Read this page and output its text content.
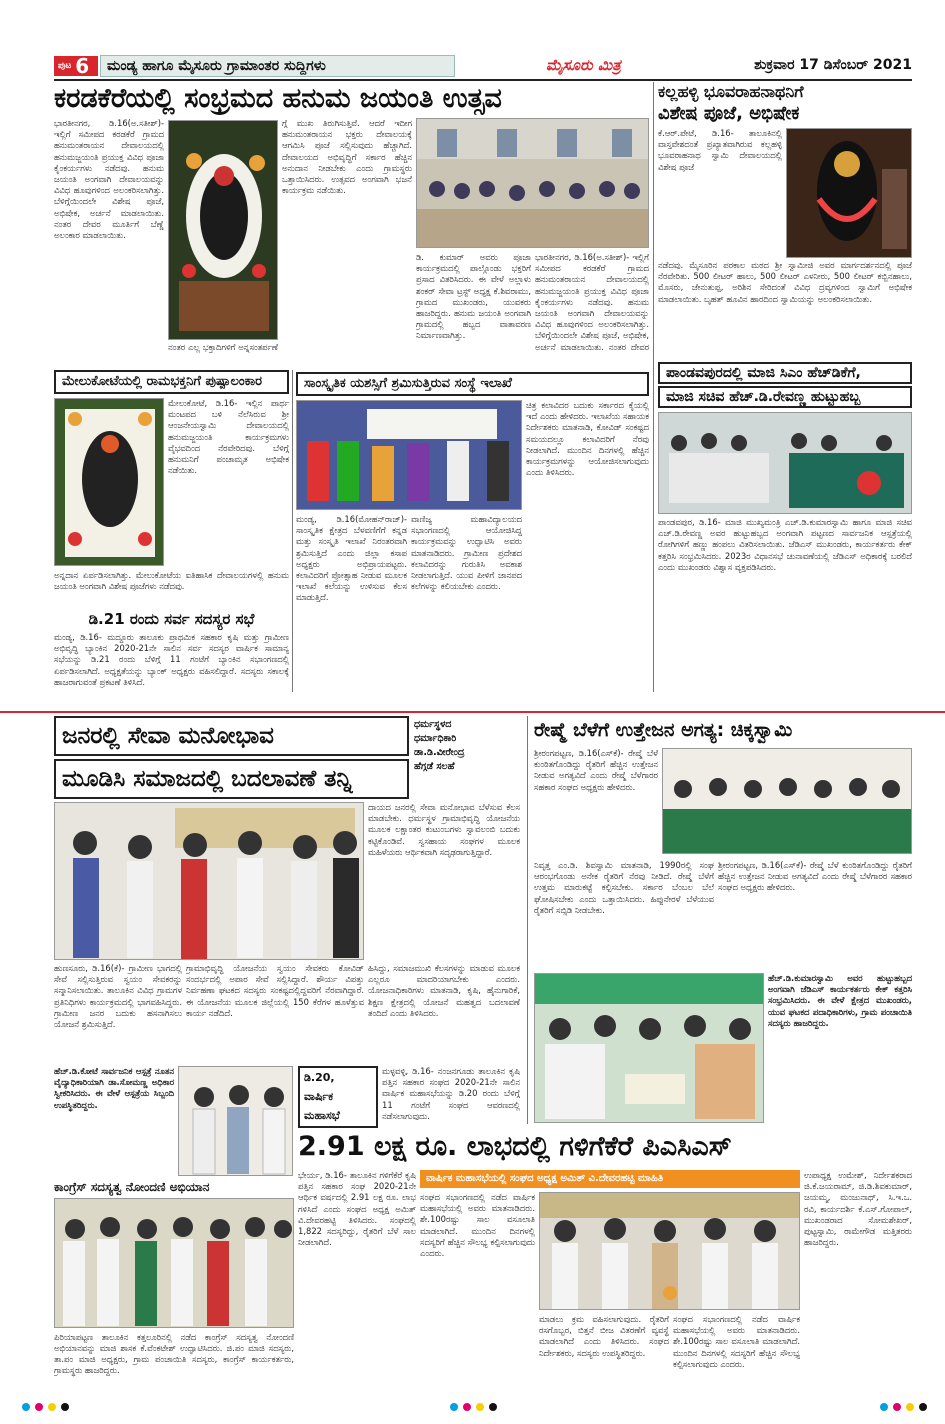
ಪುಟ 6	ಮಂಡ್ಯ ಹಾಗೂ ಮೈಸೂರು ಗ್ರಾಮಾಂತರ ಸುದ್ದಿಗಳು	ಮೈಸೂರು ಮಿತ್ರ	ಶುಕ್ರವಾರ 17 ಡಿಸೆಂಬರ್ 2021
ಕರಡಕೆರೆಯಲ್ಲಿ ಸಂಭ್ರಮದ ಹನುಮ ಜಯಂತಿ ಉತ್ಸವ
ಭಾರತೀನಗರ, ಡಿ.16(ಅ.ಸತೀಶ್)- ಇಲ್ಲಿಗೆ ಸಮೀಪದ ಕರಡಕೆರೆ ಗ್ರಾಮದ ಹನುಮಂತರಾಯನ ದೇವಾಲಯದಲ್ಲಿ ಹನುಮಜ್ಜಯಂತಿ ಪ್ರಯುಕ್ತ ವಿವಿಧ ಪೂಜಾ ಕೈಂಕರ್ಯಗಳು ನಡೆದವು. ಹನುಮ ಜಯಂತಿ ಅಂಗವಾಗಿ ದೇವಾಲಯವನ್ನು ವಿವಿಧ ಹೂವುಗಳಿಂದ ಅಲಂಕರಿಸಲಾಗಿತ್ತು. ಬೆಳಿಗ್ಗೆಯಿಂದಲೇ ವಿಶೇಷ ಪೂಜೆ, ಅಭಿಷೇಕ, ಅರ್ಚನೆ ಮಾಡಲಾಯಿತು. ನಂತರ ದೇವರ ಮೂರ್ತಿಗೆ ಬೆಣ್ಣೆ ಅಲಂಕಾರ ಮಾಡಲಾಯಿತು.
ನಂತರ ಎಲ್ಲ ಭಕ್ತಾದಿಗಳಿಗೆ ಅನ್ನಸಂತರ್ಪಣೆ
ಗ್ಗೆ ಮುಖ ತಿರುಗಿಸುತ್ತಿವೆ. ಆದರೆ ಇದೀಗ ಹನುಮಂತರಾಯನ ಭಕ್ತರು ದೇವಾಲಯಕ್ಕೆ ಆಗಮಿಸಿ ಪೂಜೆ ಸಲ್ಲಿಸುವುದು ಹೆಚ್ಚಾಗಿದೆ. ದೇವಾಲಯದ ಅಭಿವೃದ್ಧಿಗೆ ಸರ್ಕಾರ ಹೆಚ್ಚಿನ ಅನುದಾನ ನೀಡಬೇಕು ಎಂದು ಗ್ರಾಮಸ್ಥರು ಒತ್ತಾಯಿಸಿದರು. ಉತ್ಸವದ ಅಂಗವಾಗಿ ಭಜನೆ ಕಾರ್ಯಕ್ರಮ ನಡೆಯಿತು.
ಡಿ. ಕುಮಾರ್ ಅವರು ಪೂಜಾ ಕಾರ್ಯಕ್ರಮದಲ್ಲಿ ಪಾಲ್ಗೊಂಡು ಭಕ್ತರಿಗೆ ಪ್ರಸಾದ ವಿತರಿಸಿದರು. ಈ ವೇಳೆ ಅಲ್ಲಾಳು ಶಂಕರ್ ಸೇವಾ ಟ್ರಸ್ಟ್ ಅಧ್ಯಕ್ಷ ಕೆ.ಶಿವರಾಮು, ಗ್ರಾಮದ ಮುಖಂಡರು, ಯುವಕರು ಹಾಜರಿದ್ದರು. ಹನುಮ ಜಯಂತಿ ಅಂಗವಾಗಿ ಗ್ರಾಮದಲ್ಲಿ ಹಬ್ಬದ ವಾತಾವರಣ ನಿರ್ಮಾಣವಾಗಿತ್ತು.
ಭಾರತೀನಗರ, ಡಿ.16(ಅ.ಸತೀಶ್)- ಇಲ್ಲಿಗೆ ಸಮೀಪದ ಕರಡಕೆರೆ ಗ್ರಾಮದ ಹನುಮಂತರಾಯನ ದೇವಾಲಯದಲ್ಲಿ ಹನುಮಜ್ಜಯಂತಿ ಪ್ರಯುಕ್ತ ವಿವಿಧ ಪೂಜಾ ಕೈಂಕರ್ಯಗಳು ನಡೆದವು. ಹನುಮ ಜಯಂತಿ ಅಂಗವಾಗಿ ದೇವಾಲಯವನ್ನು ವಿವಿಧ ಹೂವುಗಳಿಂದ ಅಲಂಕರಿಸಲಾಗಿತ್ತು. ಬೆಳಿಗ್ಗೆಯಿಂದಲೇ ವಿಶೇಷ ಪೂಜೆ, ಅಭಿಷೇಕ, ಅರ್ಚನೆ ಮಾಡಲಾಯಿತು. ನಂತರ ದೇವರ
ಕಲ್ಲಹಳ್ಳಿ ಭೂವರಾಹನಾಥನಿಗೆ
ವಿಶೇಷ ಪೂಜೆ, ಅಭಿಷೇಕ
ಕೆ.ಆರ್.ಪೇಟೆ, ಡಿ.16- ತಾಲೂಕಿನಲ್ಲಿ ವಾಸ್ತವೇಶದಂತೆ ಪ್ರಖ್ಯಾತವಾಗಿರುವ ಕಲ್ಲಹಳ್ಳಿ ಭೂವರಾಹನಾಥ ಸ್ವಾಮಿ ದೇವಾಲಯದಲ್ಲಿ ವಿಶೇಷ ಪೂಜೆ
ನಡೆದವು. ಮೈಸೂರಿನ ಪರಕಾಲ ಮಠದ ಶ್ರೀ ಸ್ವಾಮೀಜಿ ಅವರ ಮಾರ್ಗದರ್ಶನದಲ್ಲಿ ಪೂಜೆ ನೆರವೇರಿತು. 500 ಲೀಟರ್ ಹಾಲು, 500 ಲೀಟರ್ ಎಳನೀರು, 500 ಲೀಟರ್ ಕಬ್ಬಿನಹಾಲು, ಮೊಸರು, ಜೇನುತುಪ್ಪ, ಅರಿಶಿನ ಸೇರಿದಂತೆ ವಿವಿಧ ದ್ರವ್ಯಗಳಿಂದ ಸ್ವಾಮಿಗೆ ಅಭಿಷೇಕ ಮಾಡಲಾಯಿತು. ಬೃಹತ್ ಹೂವಿನ ಹಾರದಿಂದ ಸ್ವಾಮಿಯನ್ನು ಅಲಂಕರಿಸಲಾಯಿತು.
ಪಾಂಡವಪುರದಲ್ಲಿ ಮಾಜಿ ಸಿಎಂ ಹೆಚ್‌ಡಿಕೆಗೆ,
ಮಾಜಿ ಸಚಿವ ಹೆಚ್.ಡಿ.ರೇವಣ್ಣ ಹುಟ್ಟುಹಬ್ಬ
ಪಾಂಡವಪುರ, ಡಿ.16- ಮಾಜಿ ಮುಖ್ಯಮಂತ್ರಿ ಎಚ್.ಡಿ.ಕುಮಾರಸ್ವಾಮಿ ಹಾಗೂ ಮಾಜಿ ಸಚಿವ ಎಚ್.ಡಿ.ರೇವಣ್ಣ ಅವರ ಹುಟ್ಟುಹಬ್ಬದ ಅಂಗವಾಗಿ ಪಟ್ಟಣದ ಸಾರ್ವಜನಿಕ ಆಸ್ಪತ್ರೆಯಲ್ಲಿ ರೋಗಿಗಳಿಗೆ ಹಣ್ಣು ಹಂಪಲು ವಿತರಿಸಲಾಯಿತು. ಜೆಡಿಎಸ್ ಮುಖಂಡರು, ಕಾರ್ಯಕರ್ತರು ಕೇಕ್ ಕತ್ತರಿಸಿ ಸಂಭ್ರಮಿಸಿದರು. 2023ರ ವಿಧಾನಸಭೆ ಚುನಾವಣೆಯಲ್ಲಿ ಜೆಡಿಎಸ್ ಅಧಿಕಾರಕ್ಕೆ ಬರಲಿದೆ ಎಂದು ಮುಖಂಡರು ವಿಶ್ವಾಸ ವ್ಯಕ್ತಪಡಿಸಿದರು.
ಮೇಲುಕೋಟೆಯಲ್ಲಿ ರಾಮಭಕ್ತನಿಗೆ ಪುಷ್ಪಾಲಂಕಾರ
ಮೇಲುಕೋಟೆ, ಡಿ.16- ಇಲ್ಲಿನ ಪಾರ್ಥ ಮಂಟಪದ ಬಳಿ ನೆಲೆಸಿರುವ ಶ್ರೀ ಆಂಜನೇಯಸ್ವಾಮಿ ದೇವಾಲಯದಲ್ಲಿ ಹನುಮಜ್ಜಯಂತಿ ಕಾರ್ಯಕ್ರಮಗಳು ವೈಭವದಿಂದ ನೆರವೇರಿದವು. ಬೆಳಿಗ್ಗೆ ಹನುಮನಿಗೆ ಪಂಚಾಮೃತ ಅಭಿಷೇಕ ನಡೆಯಿತು.
ಅನ್ನದಾನ ಏರ್ಪಡಿಸಲಾಗಿತ್ತು. ಮೇಲುಕೋಟೆಯ ಐತಿಹಾಸಿಕ ದೇವಾಲಯಗಳಲ್ಲಿ ಹನುಮ ಜಯಂತಿ ಅಂಗವಾಗಿ ವಿಶೇಷ ಪೂಜೆಗಳು ನಡೆದವು.
ಡಿ.21 ರಂದು ಸರ್ವ ಸದಸ್ಯರ ಸಭೆ
ಮಂಡ್ಯ, ಡಿ.16- ಮದ್ದೂರು ತಾಲೂಕು ಪ್ರಾಥಮಿಕ ಸಹಕಾರ ಕೃಷಿ ಮತ್ತು ಗ್ರಾಮೀಣ ಅಭಿವೃದ್ಧಿ ಬ್ಯಾಂಕಿನ 2020-21ನೇ ಸಾಲಿನ ಸರ್ವ ಸದಸ್ಯರ ವಾರ್ಷಿಕ ಸಾಮಾನ್ಯ ಸಭೆಯನ್ನು ಡಿ.21 ರಂದು ಬೆಳಿಗ್ಗೆ 11 ಗಂಟೆಗೆ ಬ್ಯಾಂಕಿನ ಸಭಾಂಗಣದಲ್ಲಿ ಏರ್ಪಡಿಸಲಾಗಿದೆ. ಅಧ್ಯಕ್ಷತೆಯನ್ನು ಬ್ಯಾಂಕ್ ಅಧ್ಯಕ್ಷರು ವಹಿಸಲಿದ್ದಾರೆ. ಸದಸ್ಯರು ಸಕಾಲಕ್ಕೆ ಹಾಜರಾಗುವಂತೆ ಪ್ರಕಟಣೆ ತಿಳಿಸಿದೆ.
ಸಾಂಸ್ಕೃತಿಕ ಯಶಸ್ಸಿಗೆ ಶ್ರಮಿಸುತ್ತಿರುವ ಸಂಸ್ಥೆ ಇಲಾಖೆ
ಚಿತ್ರ ಕಲಾವಿದರ ಬದುಕು ಸರ್ಕಾರದ ಕೈಯಲ್ಲಿ ಇದೆ ಎಂದು ಹೇಳಿದರು. ಇಲಾಖೆಯ ಸಹಾಯಕ ನಿರ್ದೇಶಕರು ಮಾತನಾಡಿ, ಕೋವಿಡ್ ಸಂಕಷ್ಟದ ಸಮಯದಲ್ಲೂ ಕಲಾವಿದರಿಗೆ ನೆರವು ನೀಡಲಾಗಿದೆ. ಮುಂದಿನ ದಿನಗಳಲ್ಲಿ ಹೆಚ್ಚಿನ ಕಾರ್ಯಕ್ರಮಗಳನ್ನು ಆಯೋಜಿಸಲಾಗುವುದು ಎಂದು ತಿಳಿಸಿದರು.
ಮಂಡ್ಯ, ಡಿ.16(ಮೋಹನ್‌ರಾಜ್)- ಸಾಂಸ್ಕೃತಿಕ ಕ್ಷೇತ್ರದ ಬೆಳವಣಿಗೆಗೆ ಕನ್ನಡ ಮತ್ತು ಸಂಸ್ಕೃತಿ ಇಲಾಖೆ ನಿರಂತರವಾಗಿ ಶ್ರಮಿಸುತ್ತಿದೆ ಎಂದು ಜಿಲ್ಲಾ ಕಸಾಪ ಅಧ್ಯಕ್ಷರು ಅಭಿಪ್ರಾಯಪಟ್ಟರು. ಕಲಾವಿದರಿಗೆ ಪ್ರೋತ್ಸಾಹ ನೀಡುವ ಮೂಲಕ ಇಲಾಖೆ ಕಲೆಯನ್ನು ಉಳಿಸುವ ಕೆಲಸ ಮಾಡುತ್ತಿದೆ.
ವಾಣಿಜ್ಯ ಮಹಾವಿದ್ಯಾಲಯದ ಸಭಾಂಗಣದಲ್ಲಿ ಆಯೋಜಿಸಿದ್ದ ಕಾರ್ಯಕ್ರಮವನ್ನು ಉದ್ಘಾಟಿಸಿ ಅವರು ಮಾತನಾಡಿದರು. ಗ್ರಾಮೀಣ ಪ್ರದೇಶದ ಕಲಾವಿದರನ್ನು ಗುರುತಿಸಿ ಅವಕಾಶ ನೀಡಲಾಗುತ್ತಿದೆ. ಯುವ ಪೀಳಿಗೆ ಜಾನಪದ ಕಲೆಗಳನ್ನು ಕಲಿಯಬೇಕು ಎಂದರು.
ಜನರಲ್ಲಿ ಸೇವಾ ಮನೋಭಾವ
ಮೂಡಿಸಿ ಸಮಾಜದಲ್ಲಿ ಬದಲಾವಣೆ ತನ್ನಿ
ಧರ್ಮಸ್ಥಳದ
ಧರ್ಮಾಧಿಕಾರಿ
ಡಾ.ಡಿ.ವೀರೇಂದ್ರ
ಹೆಗ್ಗಡೆ ಸಲಹೆ
ದಾಯದ ಜನರಲ್ಲಿ ಸೇವಾ ಮನೋಭಾವ ಬೆಳೆಸುವ ಕೆಲಸ ಮಾಡಬೇಕು. ಧರ್ಮಸ್ಥಳ ಗ್ರಾಮಾಭಿವೃದ್ಧಿ ಯೋಜನೆಯ ಮೂಲಕ ಲಕ್ಷಾಂತರ ಕುಟುಂಬಗಳು ಸ್ವಾವಲಂಬಿ ಬದುಕು ಕಟ್ಟಿಕೊಂಡಿವೆ. ಸ್ವಸಹಾಯ ಸಂಘಗಳ ಮೂಲಕ ಮಹಿಳೆಯರು ಆರ್ಥಿಕವಾಗಿ ಸದೃಢರಾಗುತ್ತಿದ್ದಾರೆ.
ಹುಣಸೂರು, ಡಿ.16(ಕೆ)- ಗ್ರಾಮೀಣ ಭಾಗದಲ್ಲಿ ಸೇವೆ ಸಲ್ಲಿಸುತ್ತಿರುವ ಸ್ವಯಂ ಸೇವಕರನ್ನು ಸನ್ಮಾನಿಸಲಾಯಿತು. ತಾಲೂಕಿನ ವಿವಿಧ ಗ್ರಾಮಗಳ ಪ್ರತಿನಿಧಿಗಳು ಕಾರ್ಯಕ್ರಮದಲ್ಲಿ ಭಾಗವಹಿಸಿದ್ದರು. ಗ್ರಾಮೀಣ ಜನರ ಬದುಕು ಹಸನಾಗಿಸಲು ಯೋಜನೆ ಶ್ರಮಿಸುತ್ತಿದೆ.
ಗ್ರಾಮಾಭಿವೃದ್ಧಿ ಯೋಜನೆಯ ಸ್ವಯಂ ಸೇವಕರು ಕೋವಿಡ್ ಸಂದರ್ಭದಲ್ಲಿ ಅಪಾರ ಸೇವೆ ಸಲ್ಲಿಸಿದ್ದಾರೆ. ಶೌರ್ಯ ವಿಪತ್ತು ನಿರ್ವಹಣಾ ಘಟಕದ ಸದಸ್ಯರು ಸಂಕಷ್ಟದಲ್ಲಿದ್ದವರಿಗೆ ನೆರವಾಗಿದ್ದಾರೆ. ಈ ಯೋಜನೆಯ ಮೂಲಕ ಜಿಲ್ಲೆಯಲ್ಲಿ 150 ಕೆರೆಗಳ ಹೂಳೆತ್ತುವ ಕಾರ್ಯ ನಡೆದಿದೆ.
ಹಿಸಿದ್ದು, ಸಮಾಜಮುಖಿ ಕೆಲಸಗಳನ್ನು ಮಾಡುವ ಮೂಲಕ ಎಲ್ಲರೂ ಮಾದರಿಯಾಗಬೇಕು ಎಂದರು. ಯೋಜನಾಧಿಕಾರಿಗಳು ಮಾತನಾಡಿ, ಕೃಷಿ, ಹೈನುಗಾರಿಕೆ, ಶಿಕ್ಷಣ ಕ್ಷೇತ್ರದಲ್ಲಿ ಯೋಜನೆ ಮಹತ್ವದ ಬದಲಾವಣೆ ತಂದಿದೆ ಎಂದು ತಿಳಿಸಿದರು.
ರೇಷ್ಮೆ ಬೆಳೆಗೆ ಉತ್ತೇಜನ ಅಗತ್ಯ: ಚಿಕ್ಕಸ್ವಾಮಿ
ಶ್ರೀರಂಗಪಟ್ಟಣ, ಡಿ.16(ಎಸ್‌ಕೆ)- ರೇಷ್ಮೆ ಬೆಳೆ ಕುಂಠಿತಗೊಂಡಿದ್ದು ರೈತರಿಗೆ ಹೆಚ್ಚಿನ ಉತ್ತೇಜನ ನೀಡುವ ಅಗತ್ಯವಿದೆ ಎಂದು ರೇಷ್ಮೆ ಬೆಳೆಗಾರರ ಸಹಕಾರ ಸಂಘದ ಅಧ್ಯಕ್ಷರು ಹೇಳಿದರು.
ನಿವೃತ್ತ ಎಂ.ಡಿ. ಶಿವಸ್ವಾಮಿ ಮಾತನಾಡಿ, 1990ರಲ್ಲಿ ಸಂಘ ಆರಂಭಗೊಂಡು ಅನೇಕ ರೈತರಿಗೆ ನೆರವು ನೀಡಿದೆ. ರೇಷ್ಮೆ ಬೆಳೆಗೆ ಉತ್ತಮ ಮಾರುಕಟ್ಟೆ ಕಲ್ಪಿಸಬೇಕು. ಸರ್ಕಾರ ಬೆಂಬಲ ಬೆಲೆ ಘೋಷಿಸಬೇಕು ಎಂದು ಒತ್ತಾಯಿಸಿದರು. ಹಿಪ್ಪುನೇರಳೆ ಬೆಳೆಯುವ ರೈತರಿಗೆ ಸಬ್ಸಿಡಿ ನೀಡಬೇಕು.
ಶ್ರೀರಂಗಪಟ್ಟಣ, ಡಿ.16(ಎಸ್‌ಕೆ)- ರೇಷ್ಮೆ ಬೆಳೆ ಕುಂಠಿತಗೊಂಡಿದ್ದು ರೈತರಿಗೆ ಹೆಚ್ಚಿನ ಉತ್ತೇಜನ ನೀಡುವ ಅಗತ್ಯವಿದೆ ಎಂದು ರೇಷ್ಮೆ ಬೆಳೆಗಾರರ ಸಹಕಾರ ಸಂಘದ ಅಧ್ಯಕ್ಷರು ಹೇಳಿದರು.
ಹೆಚ್.ಡಿ.ಕುಮಾರಸ್ವಾಮಿ ಅವರ ಹುಟ್ಟುಹಬ್ಬದ ಅಂಗವಾಗಿ ಜೆಡಿಎಸ್ ಕಾರ್ಯಕರ್ತರು ಕೇಕ್ ಕತ್ತರಿಸಿ ಸಂಭ್ರಮಿಸಿದರು. ಈ ವೇಳೆ ಕ್ಷೇತ್ರದ ಮುಖಂಡರು, ಯುವ ಘಟಕದ ಪದಾಧಿಕಾರಿಗಳು, ಗ್ರಾಮ ಪಂಚಾಯಿತಿ ಸದಸ್ಯರು ಹಾಜರಿದ್ದರು.
ಹೆಚ್.ಡಿ.ಕೋಟೆ ಸಾರ್ವಜನಿಕ ಆಸ್ಪತ್ರೆ ನೂತನ ವೈದ್ಯಾಧಿಕಾರಿಯಾಗಿ ಡಾ.ಸೋಮಣ್ಣ ಅಧಿಕಾರ ಸ್ವೀಕರಿಸಿದರು. ಈ ವೇಳೆ ಆಸ್ಪತ್ರೆಯ ಸಿಬ್ಬಂದಿ ಉಪಸ್ಥಿತರಿದ್ದರು.
ಡಿ.20,
ವಾರ್ಷಿಕ
ಮಹಾಸಭೆ
ಮಳ್ಳವಳ್ಳಿ, ಡಿ.16- ನಂಜನಗೂಡು ತಾಲೂಕಿನ ಕೃಷಿ ಪತ್ತಿನ ಸಹಕಾರ ಸಂಘದ 2020-21ನೇ ಸಾಲಿನ ವಾರ್ಷಿಕ ಮಹಾಸಭೆಯನ್ನು ಡಿ.20 ರಂದು ಬೆಳಿಗ್ಗೆ 11 ಗಂಟೆಗೆ ಸಂಘದ ಆವರಣದಲ್ಲಿ ನಡೆಸಲಾಗುವುದು.
2.91 ಲಕ್ಷ ರೂ. ಲಾಭದಲ್ಲಿ ಗಳಿಗೆಕೆರೆ ಪಿಎಸಿಎಸ್
ಕಾಂಗ್ರೆಸ್ ಸದಸ್ಯತ್ವ ನೋಂದಣಿ ಅಭಿಯಾನ
ಪಿರಿಯಾಪಟ್ಟಣ ತಾಲೂಕಿನ ಕತ್ತಲೂರಿನಲ್ಲಿ ನಡೆದ ಕಾಂಗ್ರೆಸ್ ಸದಸ್ಯತ್ವ ನೋಂದಣಿ ಅಭಿಯಾನವನ್ನು ಮಾಜಿ ಶಾಸಕ ಕೆ.ವೆಂಕಟೇಶ್ ಉದ್ಘಾಟಿಸಿದರು. ಜಿ.ಪಂ ಮಾಜಿ ಸದಸ್ಯರು, ತಾ.ಪಂ ಮಾಜಿ ಅಧ್ಯಕ್ಷರು, ಗ್ರಾಮ ಪಂಚಾಯಿತಿ ಸದಸ್ಯರು, ಕಾಂಗ್ರೆಸ್ ಕಾರ್ಯಕರ್ತರು, ಗ್ರಾಮಸ್ಥರು ಹಾಜರಿದ್ದರು.
ಭೇರ್ಯ, ಡಿ.16- ತಾಲೂಕಿನ ಗಳಿಗೆಕೆರೆ ಕೃಷಿ ಪತ್ತಿನ ಸಹಕಾರ ಸಂಘ 2020-21ನೇ ಆರ್ಥಿಕ ವರ್ಷದಲ್ಲಿ 2.91 ಲಕ್ಷ ರೂ. ಲಾಭ ಗಳಿಸಿದೆ ಎಂದು ಸಂಘದ ಅಧ್ಯಕ್ಷ ಅಮಿತ್ ವಿ.ದೇವರಹಟ್ಟಿ ತಿಳಿಸಿದರು. ಸಂಘದಲ್ಲಿ 1,822 ಸದಸ್ಯರಿದ್ದು, ರೈತರಿಗೆ ಬೆಳೆ ಸಾಲ ನೀಡಲಾಗಿದೆ.
ವಾರ್ಷಿಕ ಮಹಾಸಭೆಯಲ್ಲಿ ಸಂಘದ ಅಧ್ಯಕ್ಷ ಅಮಿತ್ ವಿ.ದೇವರಹಟ್ಟಿ ಮಾಹಿತಿ
ಸಂಘದ ಸಭಾಂಗಣದಲ್ಲಿ ನಡೆದ ವಾರ್ಷಿಕ ಮಹಾಸಭೆಯಲ್ಲಿ ಅವರು ಮಾತನಾಡಿದರು. ಶೇ.100ರಷ್ಟು ಸಾಲ ವಸೂಲಾತಿ ಮಾಡಲಾಗಿದೆ. ಮುಂದಿನ ದಿನಗಳಲ್ಲಿ ಸದಸ್ಯರಿಗೆ ಹೆಚ್ಚಿನ ಸೌಲಭ್ಯ ಕಲ್ಪಿಸಲಾಗುವುದು ಎಂದರು.
ಮಾಡಲು ಕ್ರಮ ವಹಿಸಲಾಗುವುದು. ರೈತರಿಗೆ ರಸಗೊಬ್ಬರ, ಬಿತ್ತನೆ ಬೀಜ ವಿತರಣೆಗೆ ವ್ಯವಸ್ಥೆ ಮಾಡಲಾಗಿದೆ ಎಂದು ತಿಳಿಸಿದರು. ಸಂಘದ ನಿರ್ದೇಶಕರು, ಸದಸ್ಯರು ಉಪಸ್ಥಿತರಿದ್ದರು.
ಸಂಘದ ಸಭಾಂಗಣದಲ್ಲಿ ನಡೆದ ವಾರ್ಷಿಕ ಮಹಾಸಭೆಯಲ್ಲಿ ಅವರು ಮಾತನಾಡಿದರು. ಶೇ.100ರಷ್ಟು ಸಾಲ ವಸೂಲಾತಿ ಮಾಡಲಾಗಿದೆ. ಮುಂದಿನ ದಿನಗಳಲ್ಲಿ ಸದಸ್ಯರಿಗೆ ಹೆಚ್ಚಿನ ಸೌಲಭ್ಯ ಕಲ್ಪಿಸಲಾಗುವುದು ಎಂದರು.
ಉಪಾಧ್ಯಕ್ಷ ಉಮೇಶ್, ನಿರ್ದೇಶಕರಾದ ಜಿ.ಕೆ.ಜಯರಾಮ್, ಜಿ.ಡಿ.ಶಿವಕುಮಾರ್, ಜಯಮ್ಮ, ಮಂಜುನಾಥ್, ಸಿ.ಇ.ಒ. ರವಿ, ಕಾರ್ಯದರ್ಶಿ ಕೆ.ಎಸ್.ಗೋಪಾಲ್, ಮುಖಂಡರಾದ ಸೋಮಶೇಖರ್, ಪುಟ್ಟಸ್ವಾಮಿ, ರಾಮೇಗೌಡ ಮತ್ತಿತರರು ಹಾಜರಿದ್ದರು.
